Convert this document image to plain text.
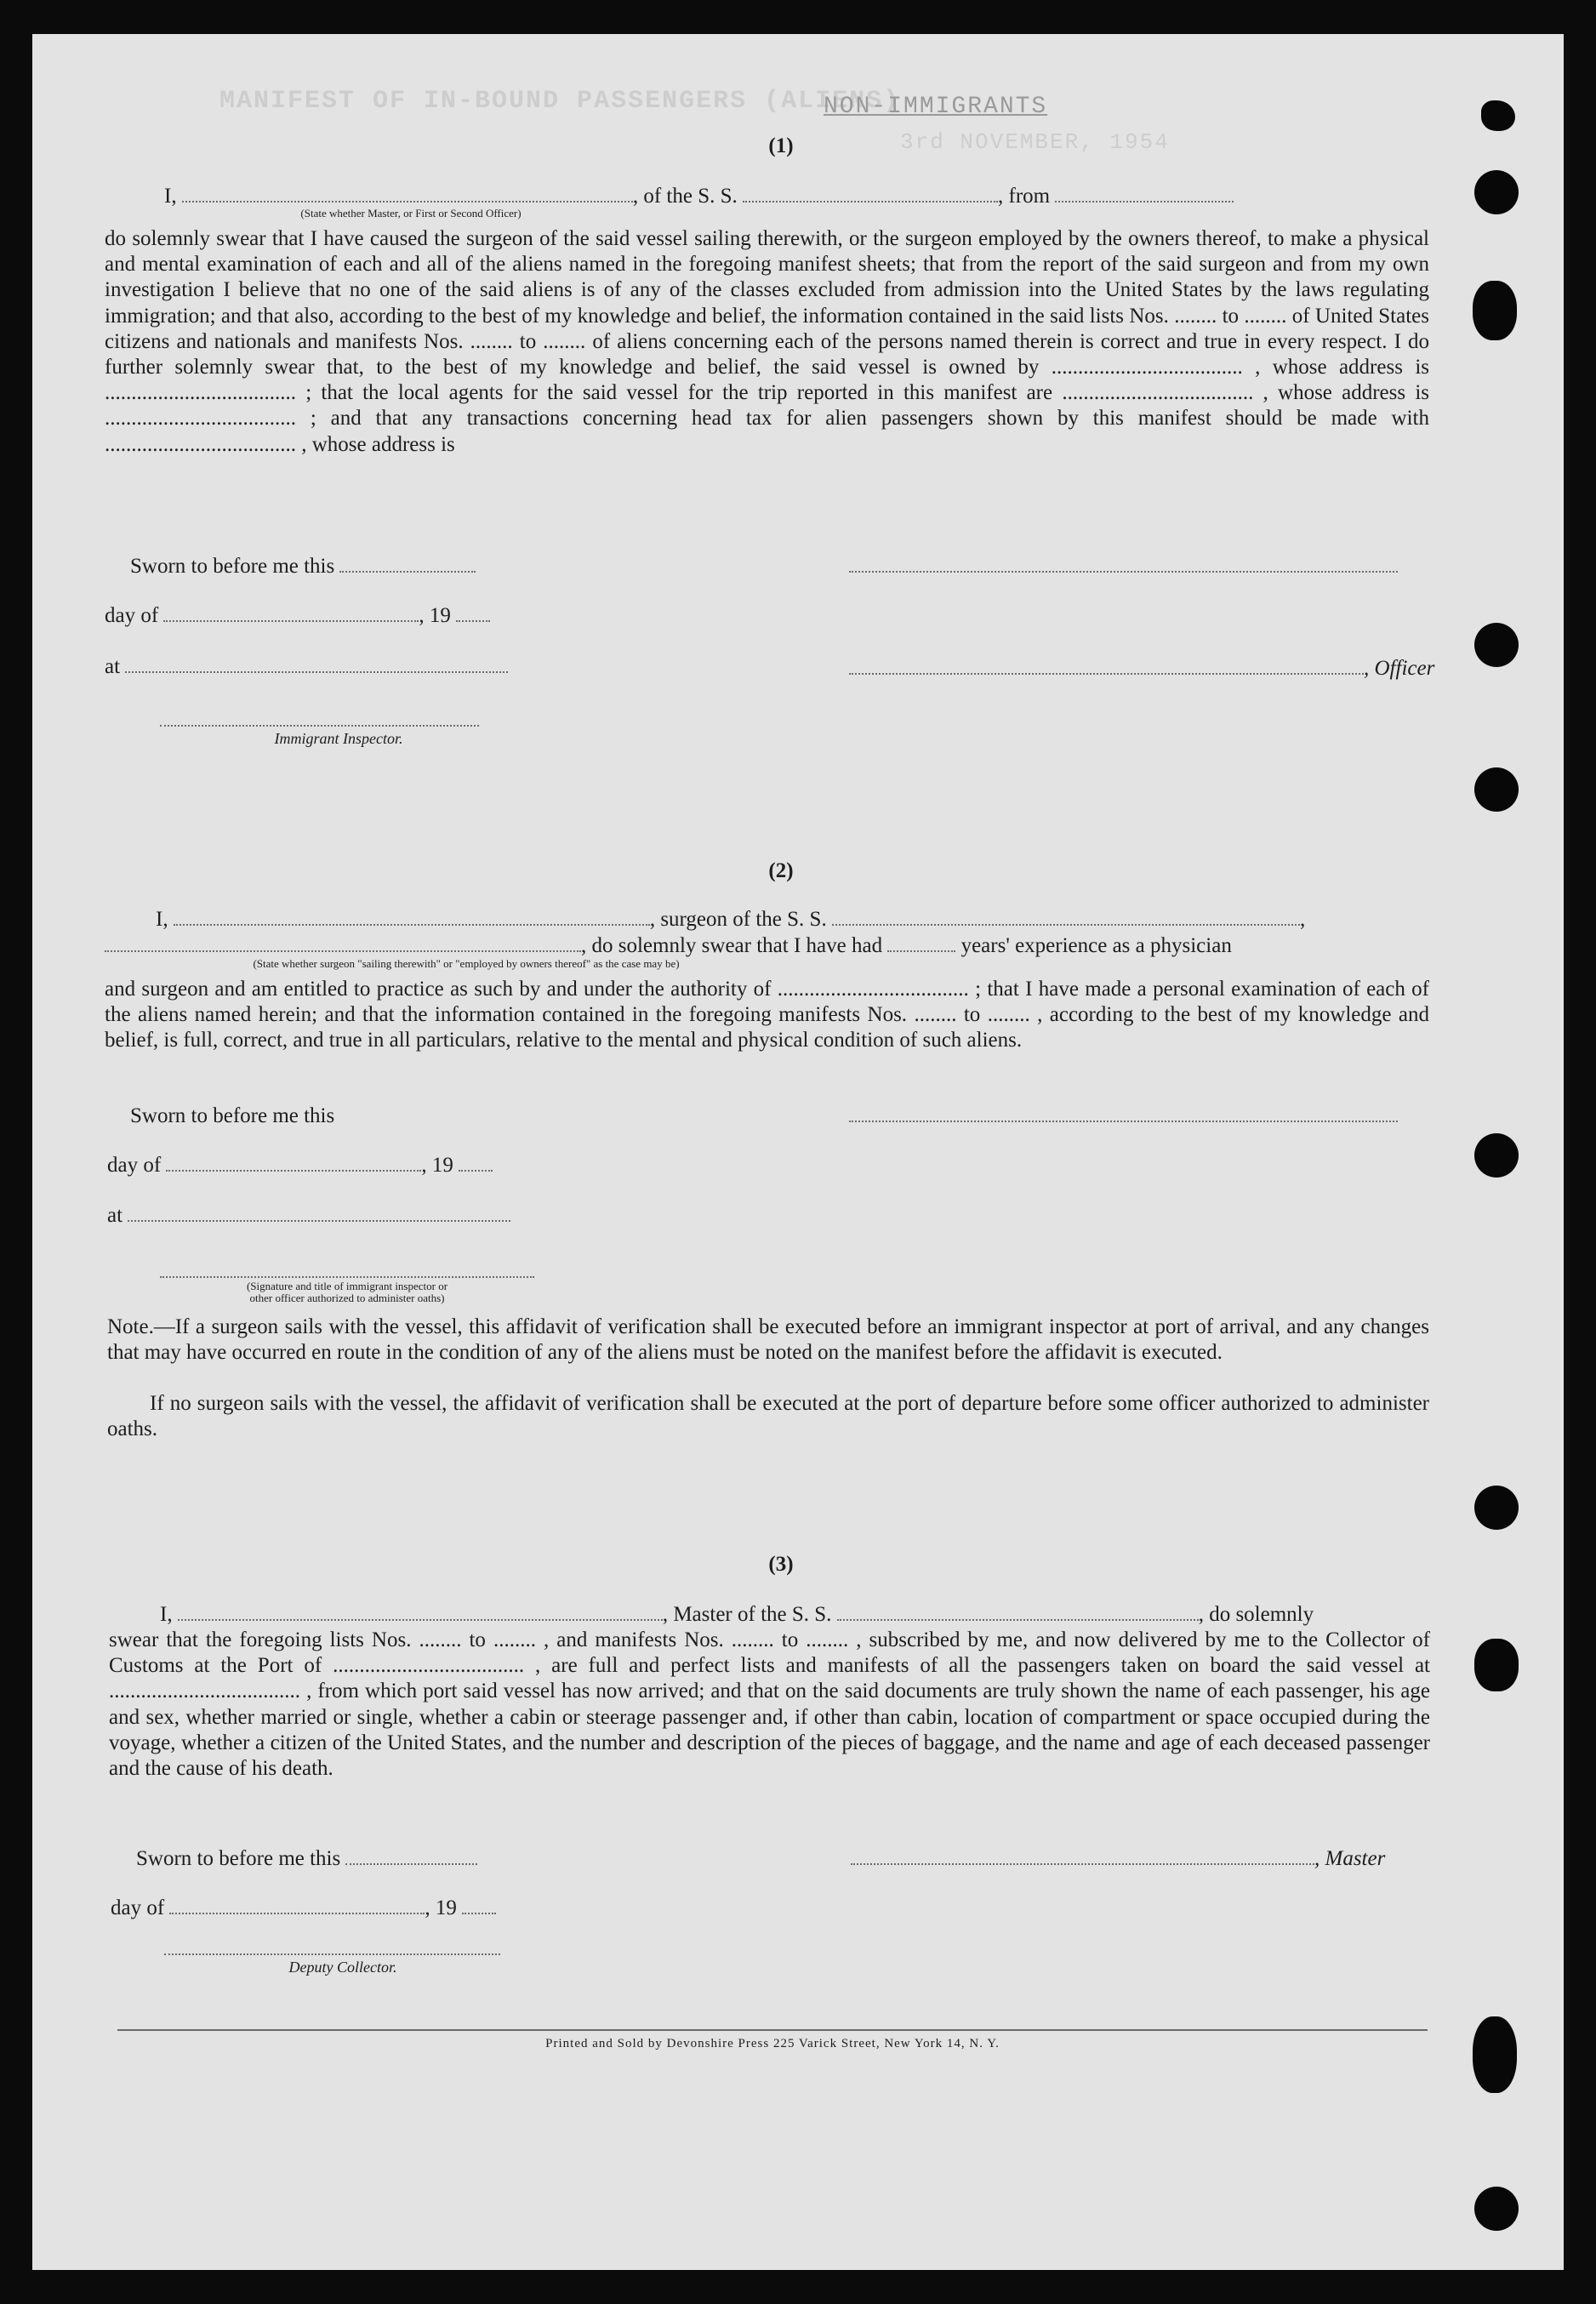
MANIFEST OF IN-BOUND PASSENGERS (ALIENS)
NON-IMMIGRANTS
3rd NOVEMBER, 1954
(1)
I,	, of the S. S.	, from
(State whether Master, or First or Second Officer)
do solemnly swear that I have caused the surgeon of the said vessel sailing therewith, or the surgeon employed by the owners thereof, to make a physical and mental examination of each and all of the aliens named in the foregoing manifest sheets; that from the report of the said surgeon and from my own investigation I believe that no one of the said aliens is of any of the classes excluded from admission into the United States by the laws regulating immigration; and that also, according to the best of my knowledge and belief, the information contained in the said lists Nos. ........ to ........ of United States citizens and nationals and manifests Nos. ........ to ........ of aliens concerning each of the persons named therein is correct and true in every respect. I do further solemnly swear that, to the best of my knowledge and belief, the said vessel is owned by .................................... , whose address is .................................... ; that the local agents for the said vessel for the trip reported in this manifest are .................................... , whose address is .................................... ; and that any transactions concerning head tax for alien passengers shown by this manifest should be made with .................................... , whose address is
Sworn to before me this
day of	, 19
at	, Officer
Immigrant Inspector.
(2)
I,	, surgeon of the S. S.	,
, do solemnly swear that I have had	years' experience as a physician
(State whether surgeon "sailing therewith" or "employed by owners thereof" as the case may be)
and surgeon and am entitled to practice as such by and under the authority of .................................... ; that I have made a personal examination of each of the aliens named herein; and that the information contained in the foregoing manifests Nos. ........ to ........ , according to the best of my knowledge and belief, is full, correct, and true in all particulars, relative to the mental and physical condition of such aliens.
Sworn to before me this
day of	, 19
at
(Signature and title of immigrant inspector or
other officer authorized to administer oaths)
Note.—If a surgeon sails with the vessel, this affidavit of verification shall be executed before an immigrant inspector at port of arrival, and any changes that may have occurred en route in the condition of any of the aliens must be noted on the manifest before the affidavit is executed.
If no surgeon sails with the vessel, the affidavit of verification shall be executed at the port of departure before some officer authorized to administer oaths.
(3)
I,	, Master of the S. S.	, do solemnly
swear that the foregoing lists Nos. ........ to ........ , and manifests Nos. ........ to ........ , subscribed by me, and now delivered by me to the Collector of Customs at the Port of .................................... , are full and perfect lists and manifests of all the passengers taken on board the said vessel at .................................... , from which port said vessel has now arrived; and that on the said documents are truly shown the name of each passenger, his age and sex, whether married or single, whether a cabin or steerage passenger and, if other than cabin, location of compartment or space occupied during the voyage, whether a citizen of the United States, and the number and description of the pieces of baggage, and the name and age of each deceased passenger and the cause of his death.
Sworn to before me this	, Master
day of	, 19
Deputy Collector.
Printed and Sold by Devonshire Press 225 Varick Street, New York 14, N. Y.
